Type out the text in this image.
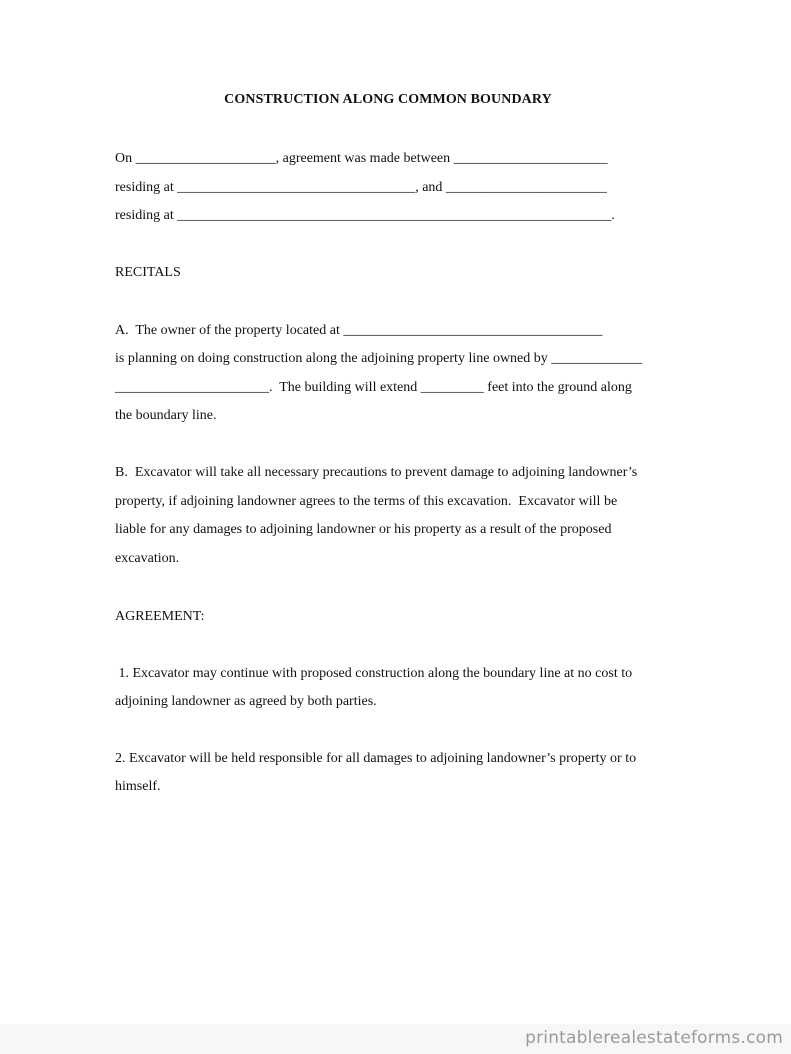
CONSTRUCTION ALONG COMMON BOUNDARY
On ____________________, agreement was made between ______________________
residing at __________________________________, and _______________________
residing at ______________________________________________________________.
RECITALS
A.  The owner of the property located at _____________________________________
is planning on doing construction along the adjoining property line owned by _____________
______________________.  The building will extend _________ feet into the ground along
the boundary line.
B.  Excavator will take all necessary precautions to prevent damage to adjoining landowner’s
property, if adjoining landowner agrees to the terms of this excavation.  Excavator will be
liable for any damages to adjoining landowner or his property as a result of the proposed
excavation.
AGREEMENT:
1. Excavator may continue with proposed construction along the boundary line at no cost to
adjoining landowner as agreed by both parties.
2. Excavator will be held responsible for all damages to adjoining landowner’s property or to
himself.
printablerealestateforms.com
